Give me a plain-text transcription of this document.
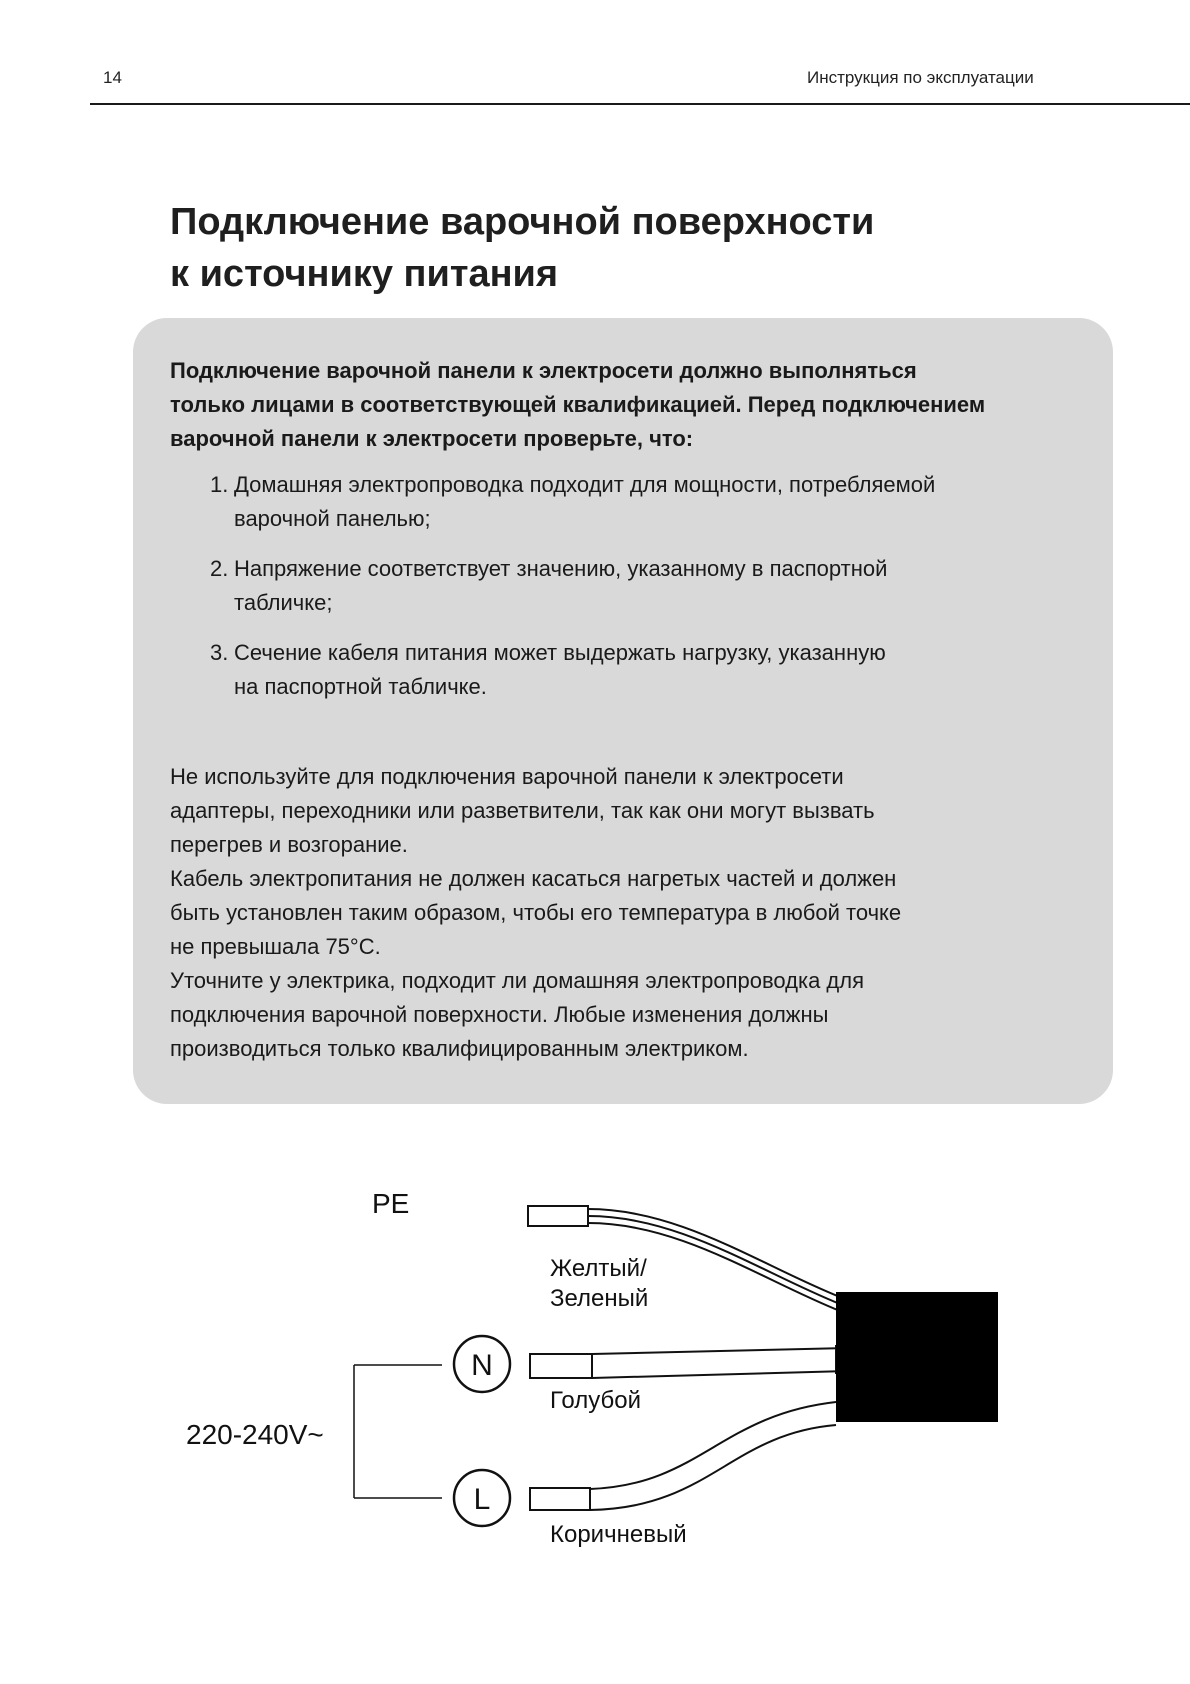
14	Инструкция по эксплуатации
Подключение варочной поверхности
к источнику питания

Подключение варочной панели к электросети должно выполняться
только лицами в соответствующей квалификацией. Перед подключением
варочной панели к электросети проверьте, что:

1. Домашняя электропроводка подходит для мощности, потребляемой
варочной панелью;
2. Напряжение соответствует значению, указанному в паспортной
табличке;
3. Сечение кабеля питания может выдержать нагрузку, указанную
на паспортной табличке.

Не используйте для подключения варочной панели к электросети

адаптеры, переходники или разветвители, так как они могут вызвать

перегрев и возгорание.

Кабель электропитания не должен касаться нагретых частей и должен

быть установлен таким образом, чтобы его температура в любой точке

не превышала 75°С.

Уточните у электрика, подходит ли домашняя электропроводка для

подключения варочной поверхности. Любые изменения должны

производиться только квалифицированным электриком.

PE
Желтый/
Зеленый
N
Голубой
L
Коричневый
220-240V~
